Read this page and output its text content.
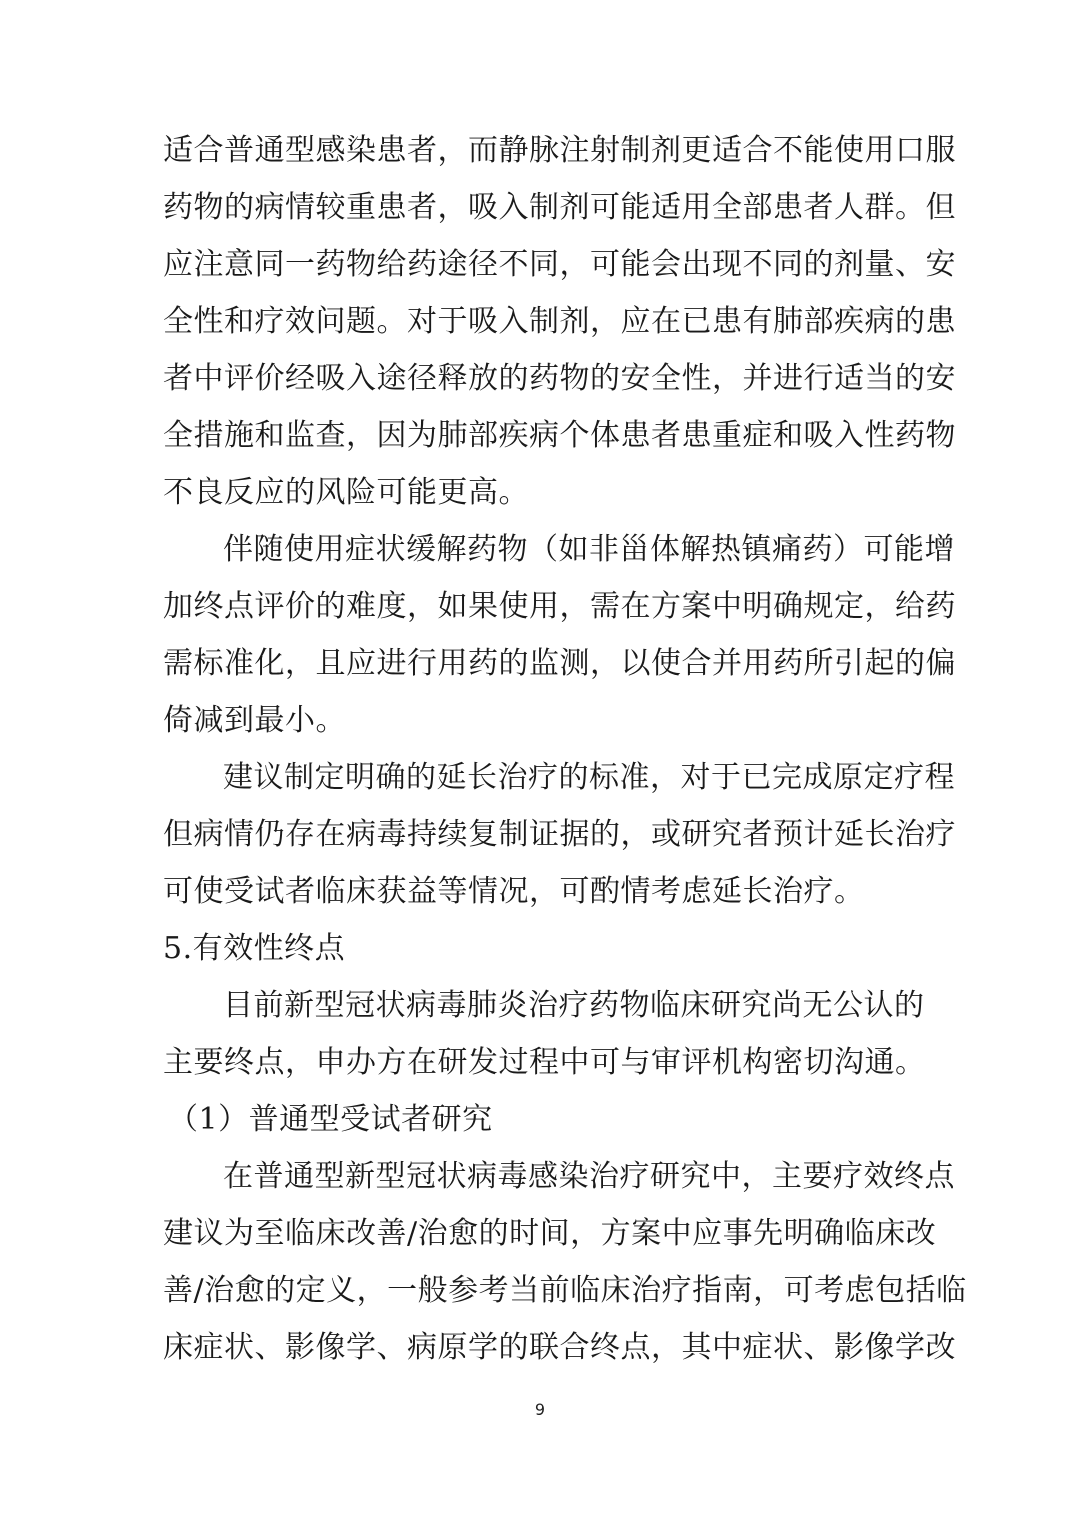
适合普通型感染患者，而静脉注射制剂更适合不能使用口服
药物的病情较重患者，吸入制剂可能适用全部患者人群。但
应注意同一药物给药途径不同，可能会出现不同的剂量、安
全性和疗效问题。对于吸入制剂，应在已患有肺部疾病的患
者中评价经吸入途径释放的药物的安全性，并进行适当的安
全措施和监查，因为肺部疾病个体患者患重症和吸入性药物
不良反应的风险可能更高。
伴随使用症状缓解药物（如非甾体解热镇痛药）可能增
加终点评价的难度，如果使用，需在方案中明确规定，给药
需标准化，且应进行用药的监测，以使合并用药所引起的偏
倚减到最小。
建议制定明确的延长治疗的标准，对于已完成原定疗程
但病情仍存在病毒持续复制证据的，或研究者预计延长治疗
可使受试者临床获益等情况，可酌情考虑延长治疗。
5.有效性终点
目前新型冠状病毒肺炎治疗药物临床研究尚无公认的
主要终点，申办方在研发过程中可与审评机构密切沟通。
（1）普通型受试者研究
在普通型新型冠状病毒感染治疗研究中，主要疗效终点
建议为至临床改善/治愈的时间，方案中应事先明确临床改
善/治愈的定义，一般参考当前临床治疗指南，可考虑包括临
床症状、影像学、病原学的联合终点，其中症状、影像学改
9
